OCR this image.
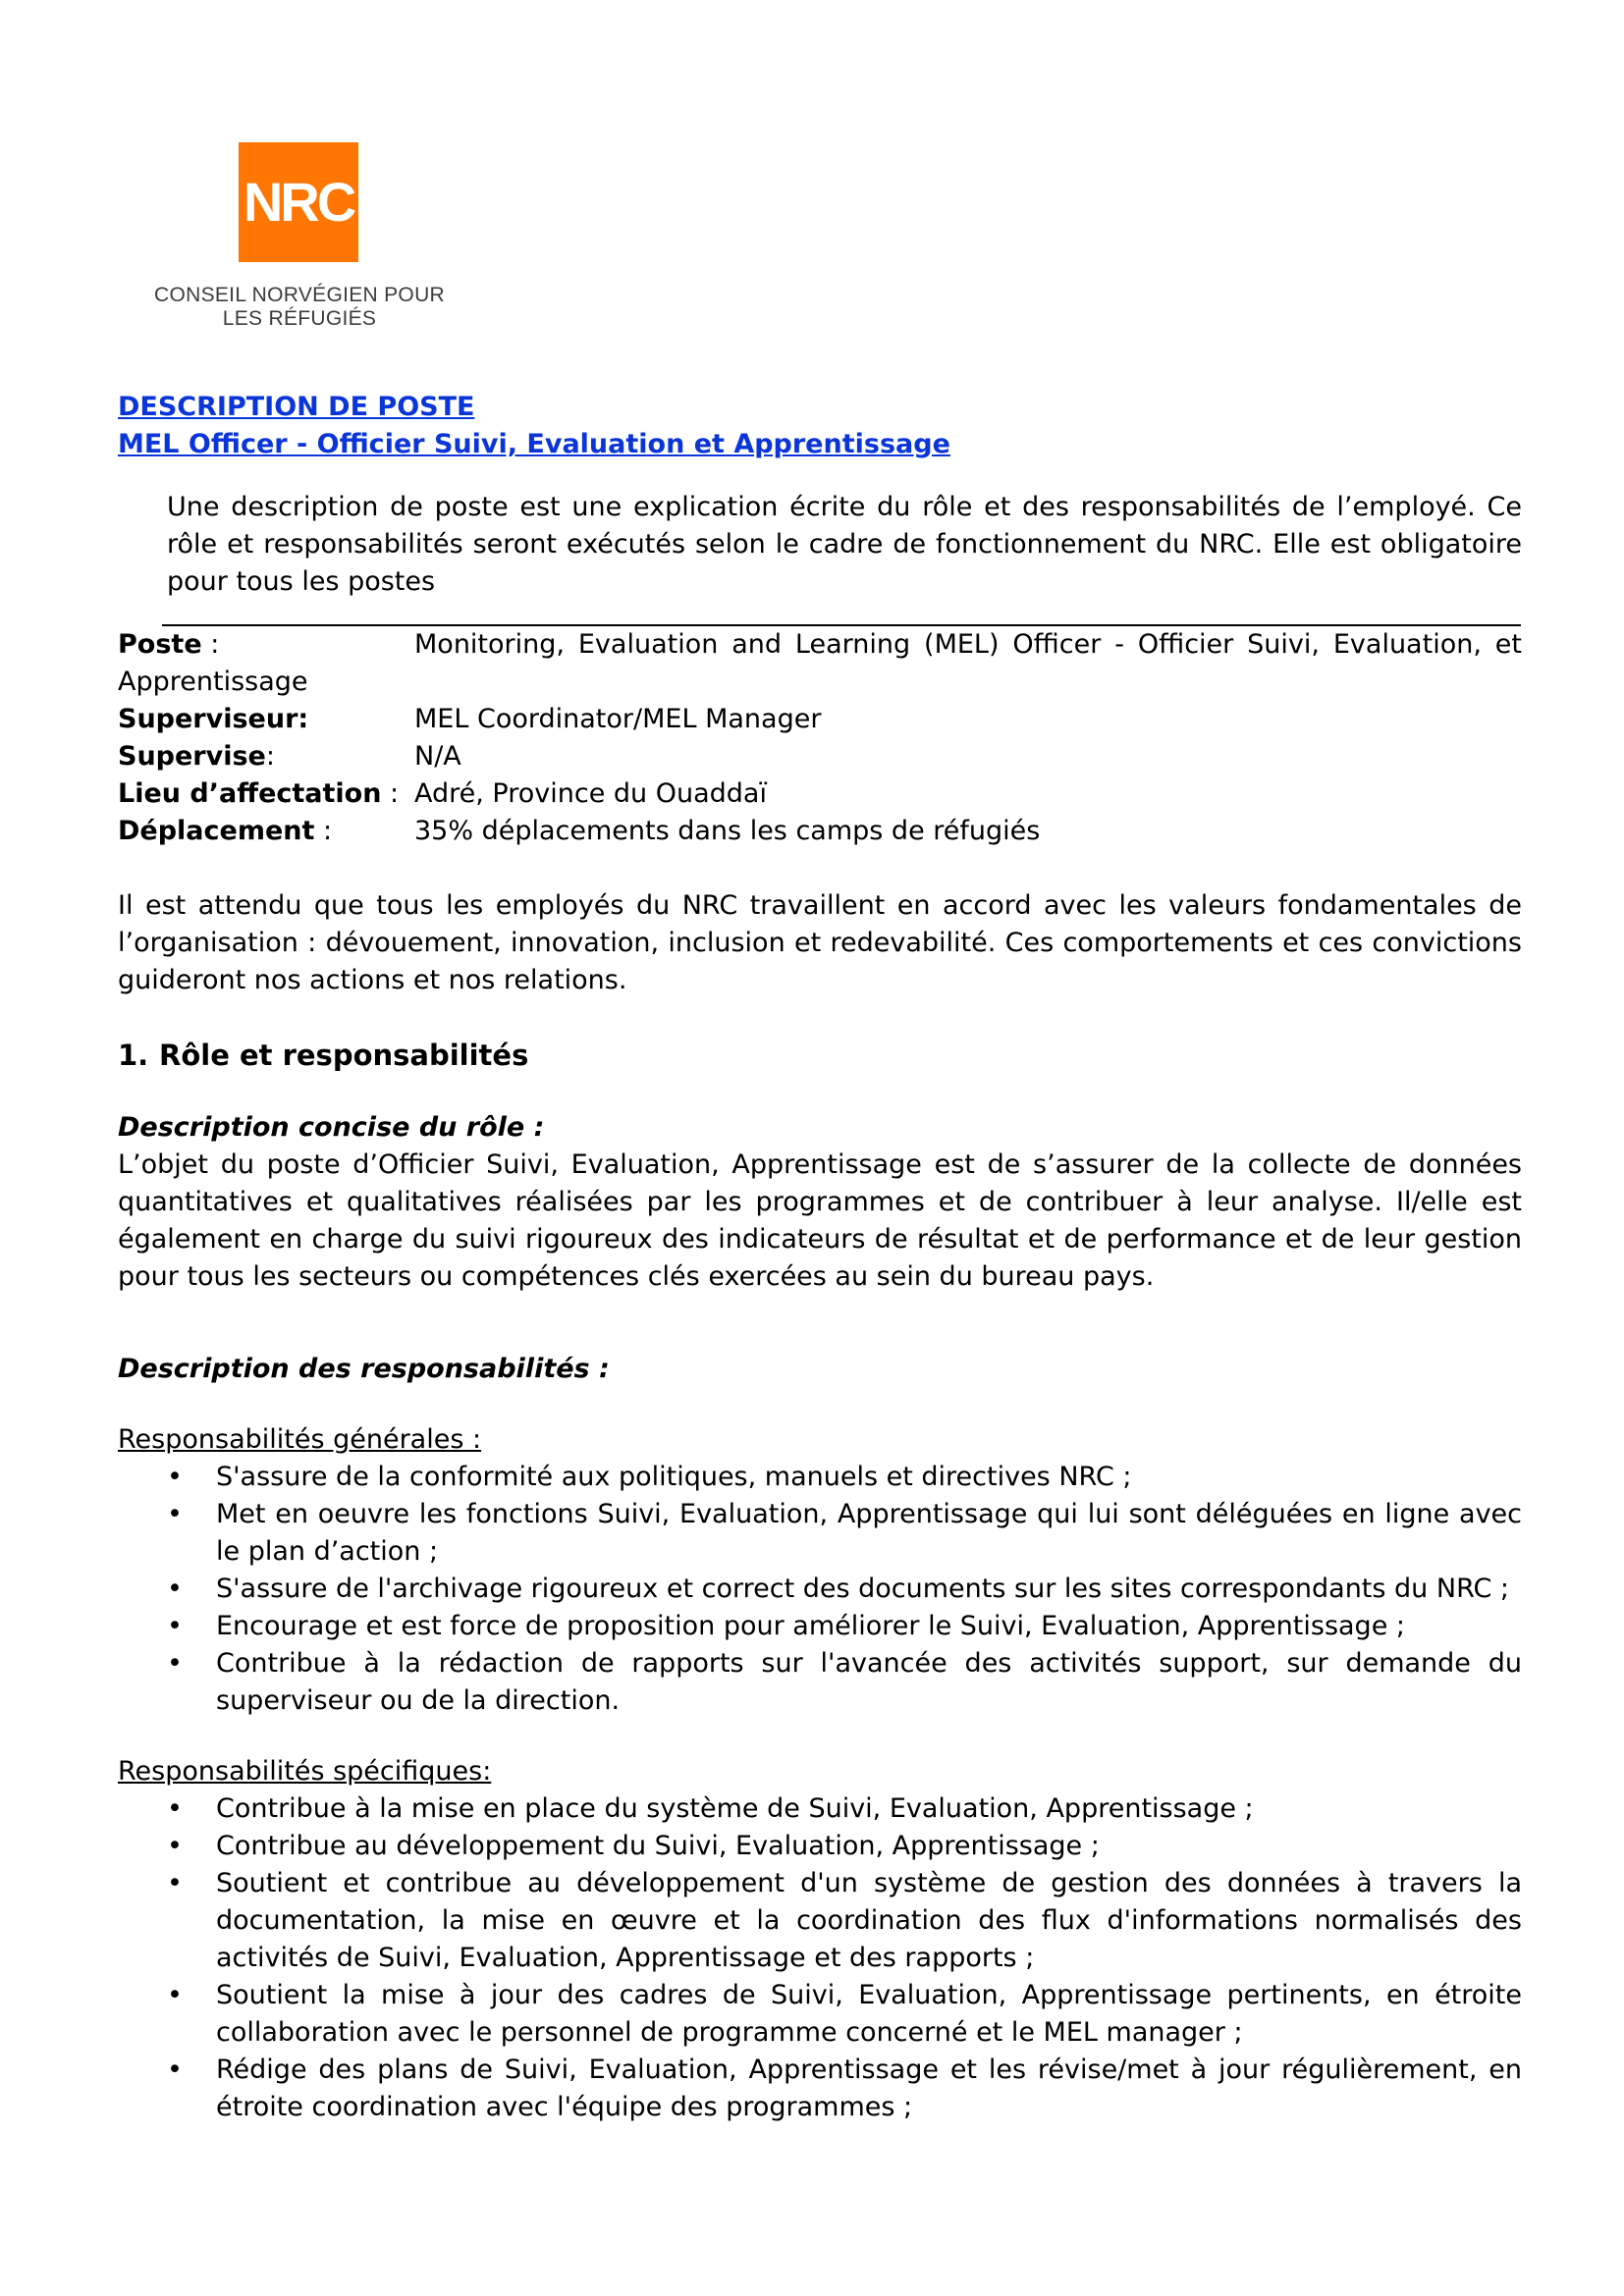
NRC
CONSEIL NORVÉGIEN POUR
LES RÉFUGIÉS
DESCRIPTION DE POSTE
MEL Officer - Officier Suivi, Evaluation et Apprentissage
Une description de poste est une explication écrite du rôle et des responsabilités de l’employé. Ce rôle et responsabilités seront exécutés selon le cadre de fonctionnement du NRC. Elle est obligatoire pour tous les postes
Poste :	Monitoring, Evaluation and Learning (MEL) Officer - Officier Suivi, Evaluation, et
Apprentissage	
Superviseur:	MEL Coordinator/MEL Manager
Supervise:	N/A
Lieu d’affectation :	Adré, Province du Ouaddaï
Déplacement :	35% déplacements dans les camps de réfugiés
Il est attendu que tous les employés du NRC travaillent en accord avec les valeurs fondamentales de l’organisation : dévouement, innovation, inclusion et redevabilité. Ces comportements et ces convictions guideront nos actions et nos relations.
1. Rôle et responsabilités
Description concise du rôle :
L’objet du poste d’Officier Suivi, Evaluation, Apprentissage est de s’assurer de la collecte de données quantitatives et qualitatives réalisées par les programmes et de contribuer à leur analyse. Il/elle est également en charge du suivi rigoureux des indicateurs de résultat et de performance et de leur gestion pour tous les secteurs ou compétences clés exercées au sein du bureau pays.
Description des responsabilités :
Responsabilités générales :
• S'assure de la conformité aux politiques, manuels et directives NRC ;
• Met en oeuvre les fonctions Suivi, Evaluation, Apprentissage qui lui sont déléguées en ligne avec le plan d’action ;
• S'assure de l'archivage rigoureux et correct des documents sur les sites correspondants du NRC ;
• Encourage et est force de proposition pour améliorer le Suivi, Evaluation, Apprentissage ;
• Contribue à la rédaction de rapports sur l'avancée des activités support, sur demande du superviseur ou de la direction.
Responsabilités spécifiques:
• Contribue à la mise en place du système de Suivi, Evaluation, Apprentissage ;
• Contribue au développement du Suivi, Evaluation, Apprentissage ;
• Soutient et contribue au développement d'un système de gestion des données à travers la documentation, la mise en œuvre et la coordination des flux d'informations normalisés des activités de Suivi, Evaluation, Apprentissage et des rapports ;
• Soutient la mise à jour des cadres de Suivi, Evaluation, Apprentissage pertinents, en étroite collaboration avec le personnel de programme concerné et le MEL manager ;
• Rédige des plans de Suivi, Evaluation, Apprentissage et les révise/met à jour régulièrement, en étroite coordination avec l'équipe des programmes ;
